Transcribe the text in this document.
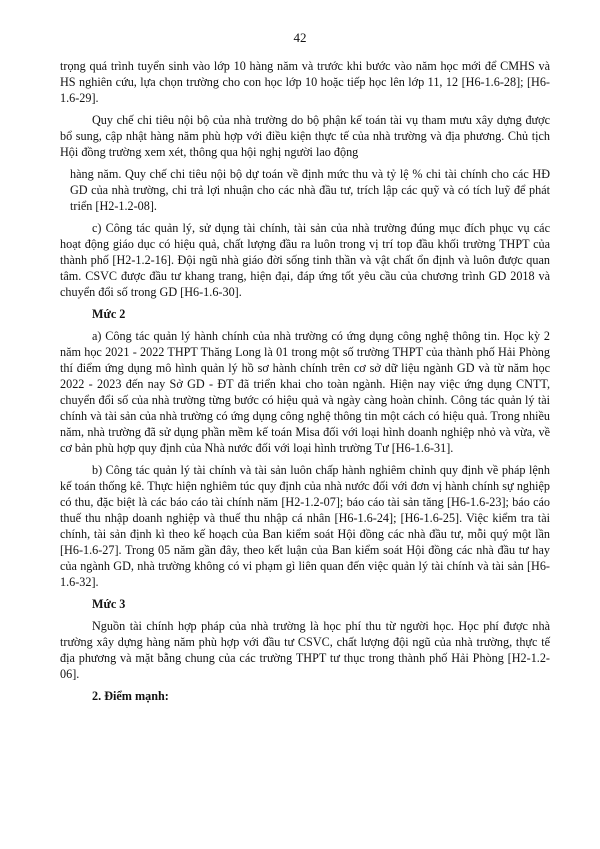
42

trọng quá trình tuyển sinh vào lớp 10 hàng năm và trước khi bước vào năm học mới để CMHS và HS nghiên cứu, lựa chọn trường cho con học lớp 10 hoặc tiếp học lên lớp 11, 12 [H6-1.6-28]; [H6-1.6-29].

Quy chế chi tiêu nội bộ của nhà trường do bộ phận kế toán tài vụ tham mưu xây dựng được bổ sung, cập nhật hàng năm phù hợp với điều kiện thực tế của nhà trường và địa phương. Chủ tịch Hội đồng trường xem xét, thông qua hội nghị người lao động

hàng năm. Quy chế chi tiêu nội bộ dự toán về định mức thu và tỷ lệ % chi tài chính cho các HĐ GD của nhà trường, chi trả lợi nhuận cho các nhà đầu tư, trích lập các quỹ và có tích luỹ để phát triển [H2-1.2-08].

c) Công tác quản lý, sử dụng tài chính, tài sản của nhà trường đúng mục đích phục vụ các hoạt động giáo dục có hiệu quả, chất lượng đầu ra luôn trong vị trí top đầu khối trường THPT của thành phố [H2-1.2-16]. Đội ngũ nhà giáo đời sống tinh thần và vật chất ổn định và luôn được quan tâm. CSVC được đầu tư khang trang, hiện đại, đáp ứng tốt yêu cầu của chương trình GD 2018 và chuyển đổi số trong GD [H6-1.6-30].

Mức 2

a) Công tác quản lý hành chính của nhà trường có ứng dụng công nghệ thông tin. Học kỳ 2 năm học 2021 - 2022 THPT Thăng Long là 01 trong một số trường THPT của thành phố Hải Phòng thí điểm ứng dụng mô hình quản lý hồ sơ hành chính trên cơ sở dữ liệu ngành GD và từ năm học 2022 - 2023 đến nay Sở GD - ĐT đã triển khai cho toàn ngành. Hiện nay việc ứng dụng CNTT, chuyển đổi số của nhà trường từng bước có hiệu quả và ngày càng hoàn chỉnh. Công tác quản lý tài chính và tài sản của nhà trường có ứng dụng công nghệ thông tin một cách có hiệu quả. Trong nhiều năm, nhà trường đã sử dụng phần mềm kế toán Misa đối với loại hình doanh nghiệp nhỏ và vừa, về cơ bản phù hợp quy định của Nhà nước đối với loại hình trường Tư [H6-1.6-31].

b) Công tác quản lý tài chính và tài sản luôn chấp hành nghiêm chỉnh quy định về pháp lệnh kế toán thống kê. Thực hiện nghiêm túc quy định của nhà nước đối với đơn vị hành chính sự nghiệp có thu, đặc biệt là các báo cáo tài chính năm [H2-1.2-07]; báo cáo tài sản tăng [H6-1.6-23]; báo cáo thuế thu nhập doanh nghiệp và thuế thu nhập cá nhân [H6-1.6-24]; [H6-1.6-25]. Việc kiểm tra tài chính, tài sản định kì theo kế hoạch của Ban kiểm soát Hội đồng các nhà đầu tư, mỗi quý một lần [H6-1.6-27]. Trong 05 năm gần đây, theo kết luận của Ban kiểm soát Hội đồng các nhà đầu tư hay của ngành GD, nhà trường không có vi phạm gì liên quan đến việc quản lý tài chính và tài sản [H6-1.6-32].

Mức 3

Nguồn tài chính hợp pháp của nhà trường là học phí thu từ người học. Học phí được nhà trường xây dựng hàng năm phù hợp với đầu tư CSVC, chất lượng đội ngũ của nhà trường, thực tế địa phương và mặt bằng chung của các trường THPT tư thục trong thành phố Hải Phòng [H2-1.2-06].

2. Điểm mạnh:
